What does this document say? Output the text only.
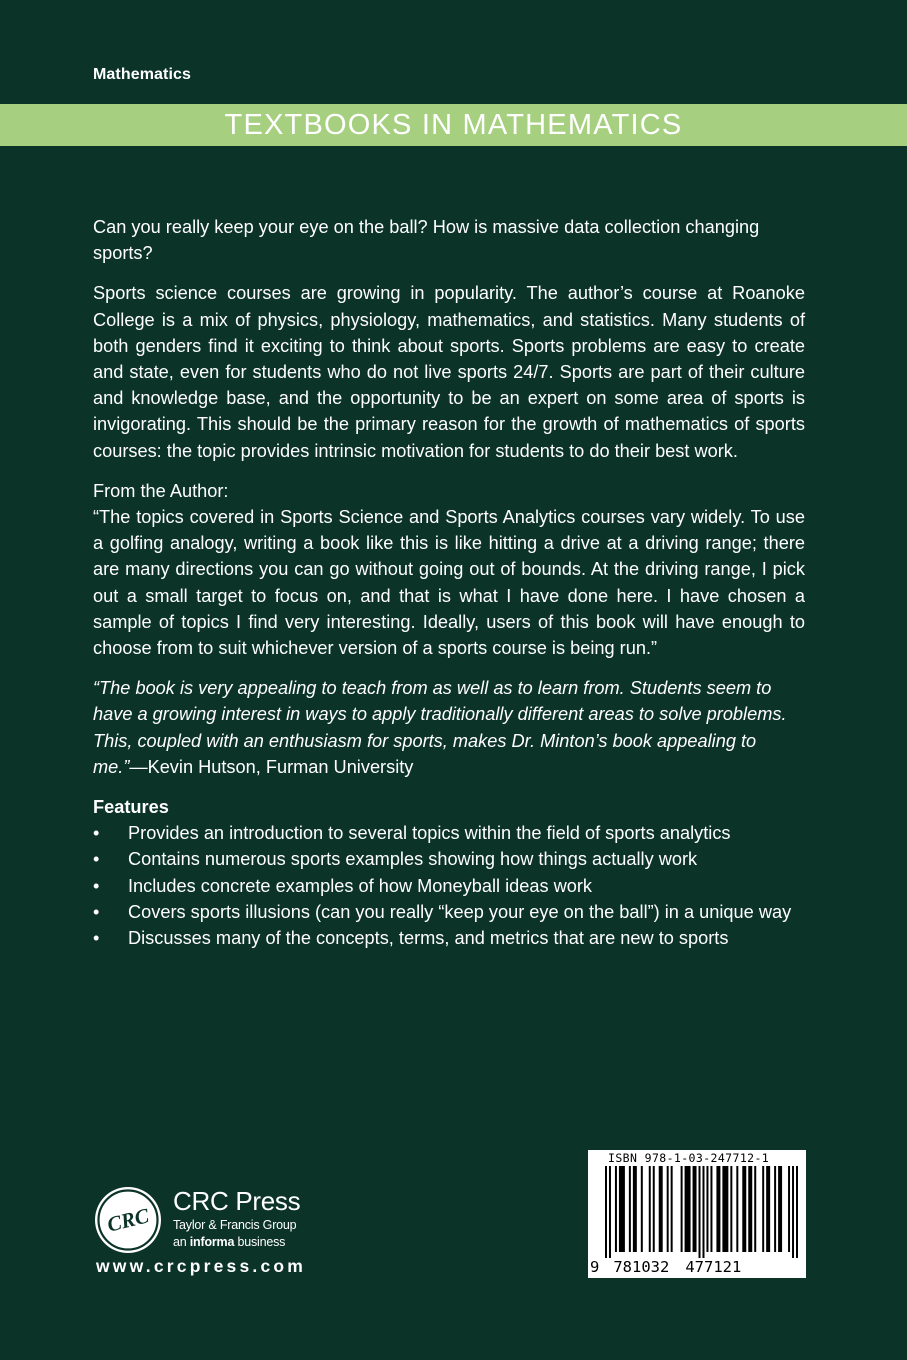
Mathematics
TEXTBOOKS IN MATHEMATICS

Can you really keep your eye on the ball? How is massive data collection changing sports?

Sports science courses are growing in popularity. The author’s course at Roanoke College is a mix of physics, physiology, mathematics, and statistics. Many students of both genders find it exciting to think about sports. Sports problems are easy to create and state, even for students who do not live sports 24/7. Sports are part of their culture and knowledge base, and the opportunity to be an expert on some area of sports is invigorating. This should be the primary reason for the growth of mathematics of sports courses: the topic provides intrinsic motivation for students to do their best work.

From the Author:
“The topics covered in Sports Science and Sports Analytics courses vary widely. To use a golfing analogy, writing a book like this is like hitting a drive at a driving range; there are many directions you can go without going out of bounds. At the driving range, I pick out a small target to focus on, and that is what I have done here. I have chosen a sample of topics I find very interesting. Ideally, users of this book will have enough to choose from to suit whichever version of a sports course is being run.”

“The book is very appealing to teach from as well as to learn from. Students seem to have a growing interest in ways to apply traditionally different areas to solve problems. This, coupled with an enthusiasm for sports, makes Dr. Minton’s book appealing to me.”—Kevin Hutson, Furman University

Features
• Provides an introduction to several topics within the field of sports analytics
• Contains numerous sports examples showing how things actually work
• Includes concrete examples of how Moneyball ideas work
• Covers sports illusions (can you really “keep your eye on the ball”) in a unique way
• Discusses many of the concepts, terms, and metrics that are new to sports
CRC
CRC Press
Taylor & Francis Group
an informa business
www.crcpress.com
ISBN 978-1-03-247712-1
9 781032 477121
